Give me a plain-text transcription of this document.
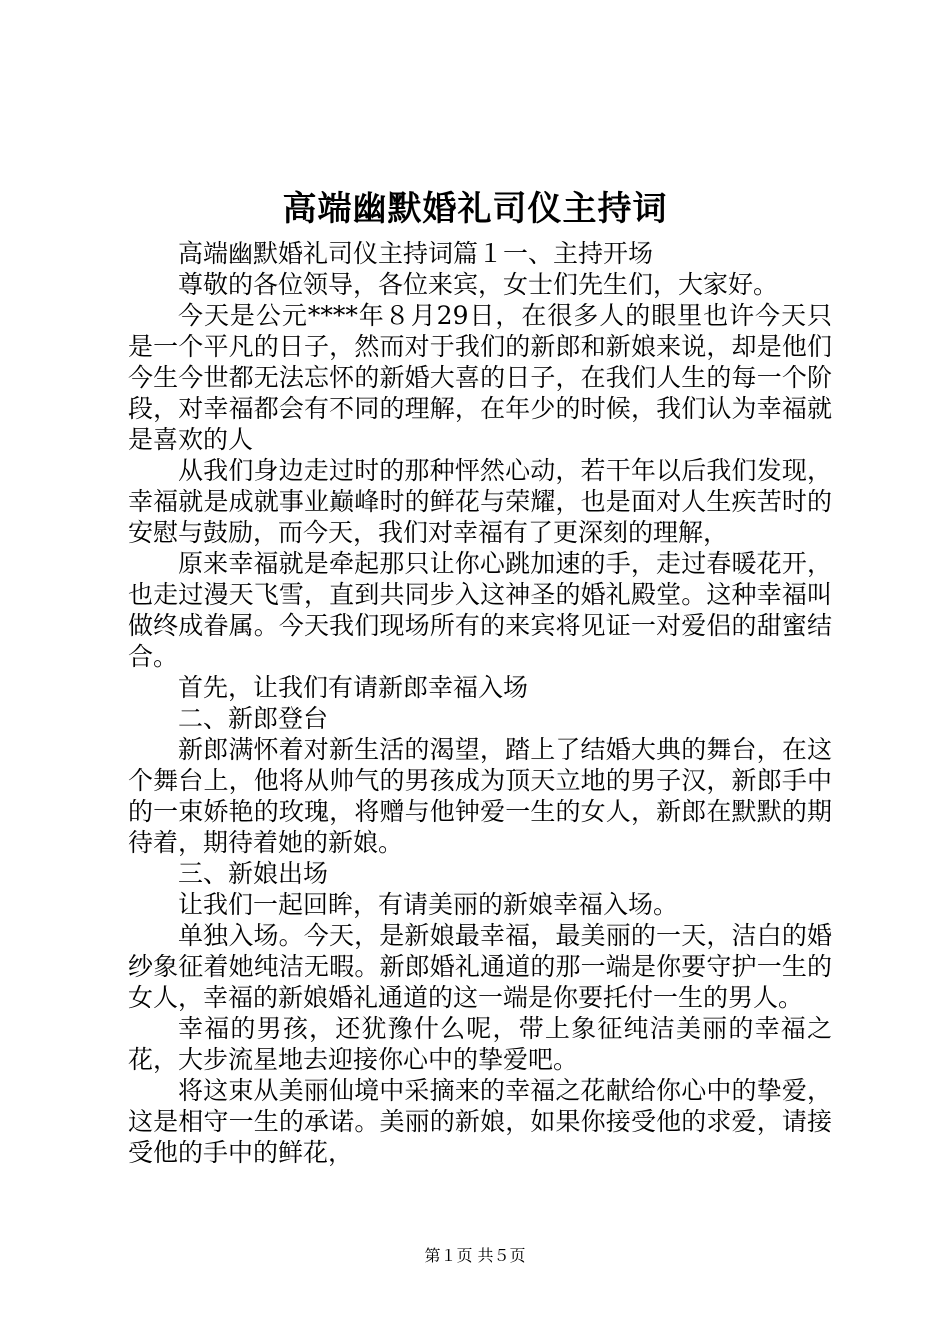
高端幽默婚礼司仪主持词

高端幽默婚礼司仪主持词篇１一、主持开场

尊敬的各位领导，各位来宾，女士们先生们，大家好。

今天是公元****年８月29日，在很多人的眼里也许今天只是一个平凡的日子，然而对于我们的新郎和新娘来说，却是他们今生今世都无法忘怀的新婚大喜的日子，在我们人生的每一个阶段，对幸福都会有不同的理解，在年少的时候，我们认为幸福就是喜欢的人

从我们身边走过时的那种怦然心动，若干年以后我们发现，幸福就是成就事业巅峰时的鲜花与荣耀，也是面对人生疾苦时的安慰与鼓励，而今天，我们对幸福有了更深刻的理解，

原来幸福就是牵起那只让你心跳加速的手，走过春暖花开，也走过漫天飞雪，直到共同步入这神圣的婚礼殿堂。这种幸福叫做终成眷属。今天我们现场所有的来宾将见证一对爱侣的甜蜜结合。

首先，让我们有请新郎幸福入场

二、新郎登台

新郎满怀着对新生活的渴望，踏上了结婚大典的舞台，在这个舞台上，他将从帅气的男孩成为顶天立地的男子汉，新郎手中的一束娇艳的玫瑰，将赠与他钟爱一生的女人，新郎在默默的期待着，期待着她的新娘。

三、新娘出场

让我们一起回眸，有请美丽的新娘幸福入场。

单独入场。今天，是新娘最幸福，最美丽的一天，洁白的婚纱象征着她纯洁无暇。新郎婚礼通道的那一端是你要守护一生的女人，幸福的新娘婚礼通道的这一端是你要托付一生的男人。

幸福的男孩，还犹豫什么呢，带上象征纯洁美丽的幸福之花，大步流星地去迎接你心中的挚爱吧。

将这束从美丽仙境中采摘来的幸福之花献给你心中的挚爱，这是相守一生的承诺。美丽的新娘，如果你接受他的求爱，请接受他的手中的鲜花，

第１页 共５页
